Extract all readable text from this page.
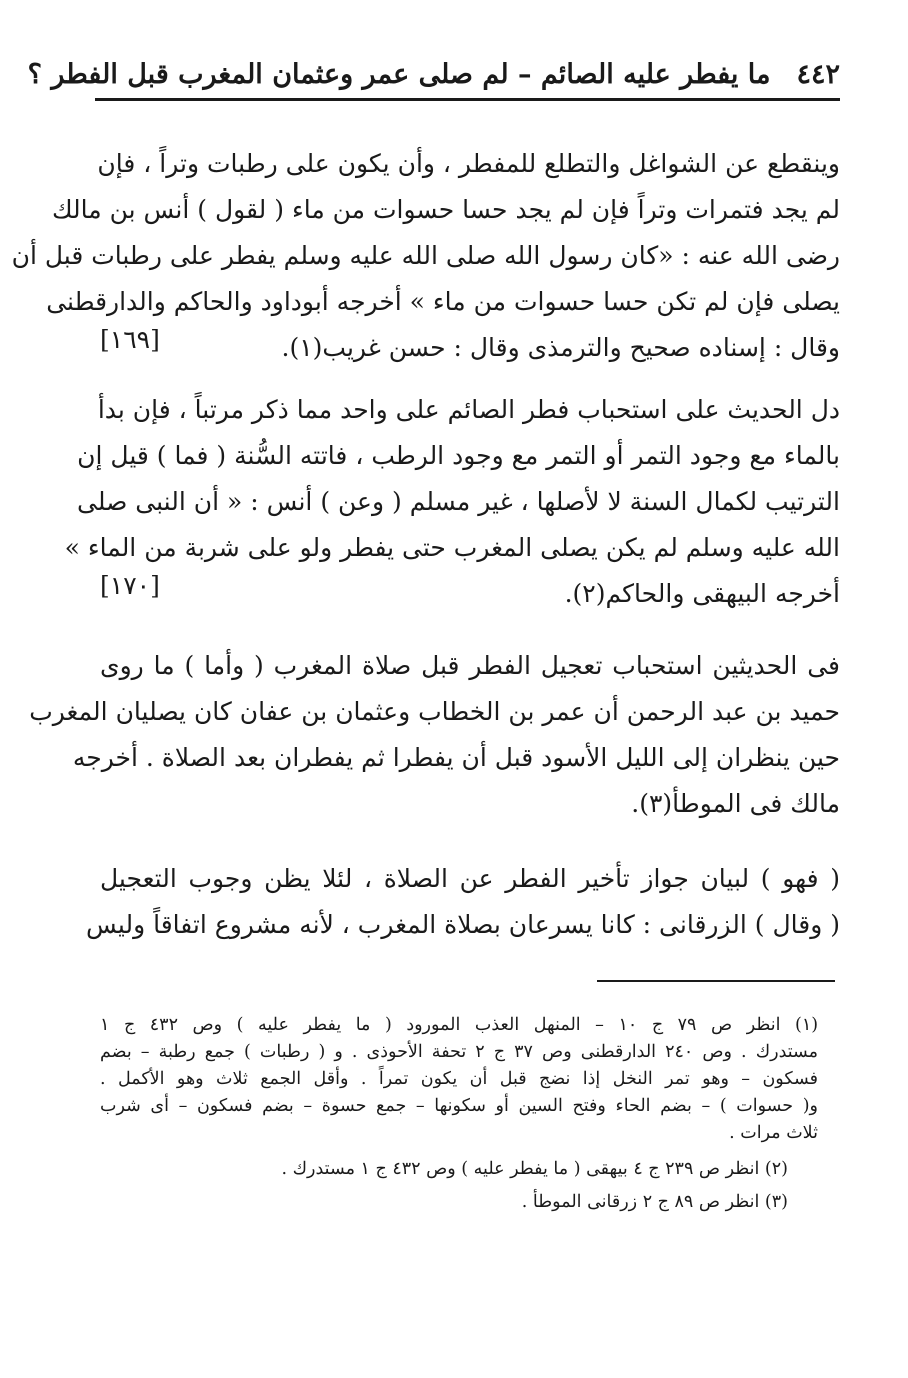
٤٤٢
ما يفطر عليه الصائم – لم صلى عمر وعثمان المغرب قبل الفطر ؟
وينقطع عن الشواغل والتطلع للمفطر ، وأن يكون على رطبات وتراً ، فإن
لم يجد فتمرات وتراً فإن لم يجد حسا حسوات من ماء ( لقول ) أنس بن مالك
رضى الله عنه : «كان رسول الله صلى الله عليه وسلم يفطر على رطبات قبل أن
يصلى فإن لم تكن حسا حسوات من ماء » أخرجه أبوداود والحاكم والدارقطنى
وقال : إسناده صحيح والترمذى وقال : حسن غريب(١).
[١٦٩]
دل الحديث على استحباب فطر الصائم على واحد مما ذكر مرتباً ، فإن بدأ
بالماء مع وجود التمر أو التمر مع وجود الرطب ، فاتته السُّنة ( فما ) قيل إن
الترتيب لكمال السنة لا لأصلها ، غير مسلم ( وعن ) أنس : « أن النبى صلى
الله عليه وسلم لم يكن يصلى المغرب حتى يفطر ولو على شربة من الماء »
أخرجه البيهقى والحاكم(٢).
[١٧٠]
فى الحديثين استحباب تعجيل الفطر قبل صلاة المغرب ( وأما ) ما روى
حميد بن عبد الرحمن أن عمر بن الخطاب وعثمان بن عفان كان يصليان المغرب
حين ينظران إلى الليل الأسود قبل أن يفطرا ثم يفطران بعد الصلاة . أخرجه
مالك فى الموطأ(٣).
( فهو ) لبيان جواز تأخير الفطر عن الصلاة ، لئلا يظن وجوب التعجيل
( وقال ) الزرقانى : كانا يسرعان بصلاة المغرب ، لأنه مشروع اتفاقاً وليس
(١) انظر ص ٧٩ ج ١٠ – المنهل العذب المورود ( ما يفطر عليه ) وص ٤٣٢ ج ١
مستدرك . وص ٢٤٠ الدارقطنى وص ٣٧ ج ٢ تحفة الأحوذى . و ( رطبات ) جمع رطبة – بضم
فسكون – وهو تمر النخل إذا نضج قبل أن يكون تمراً . وأقل الجمع ثلاث وهو الأكمل .
و( حسوات ) – بضم الحاء وفتح السين أو سكونها – جمع حسوة – بضم فسكون – أى شرب
ثلاث مرات .
(٢) انظر ص ٢٣٩ ج ٤ بيهقى ( ما يفطر عليه ) وص ٤٣٢ ج ١ مستدرك .
(٣) انظر ص ٨٩ ج ٢ زرقانى الموطأ .
